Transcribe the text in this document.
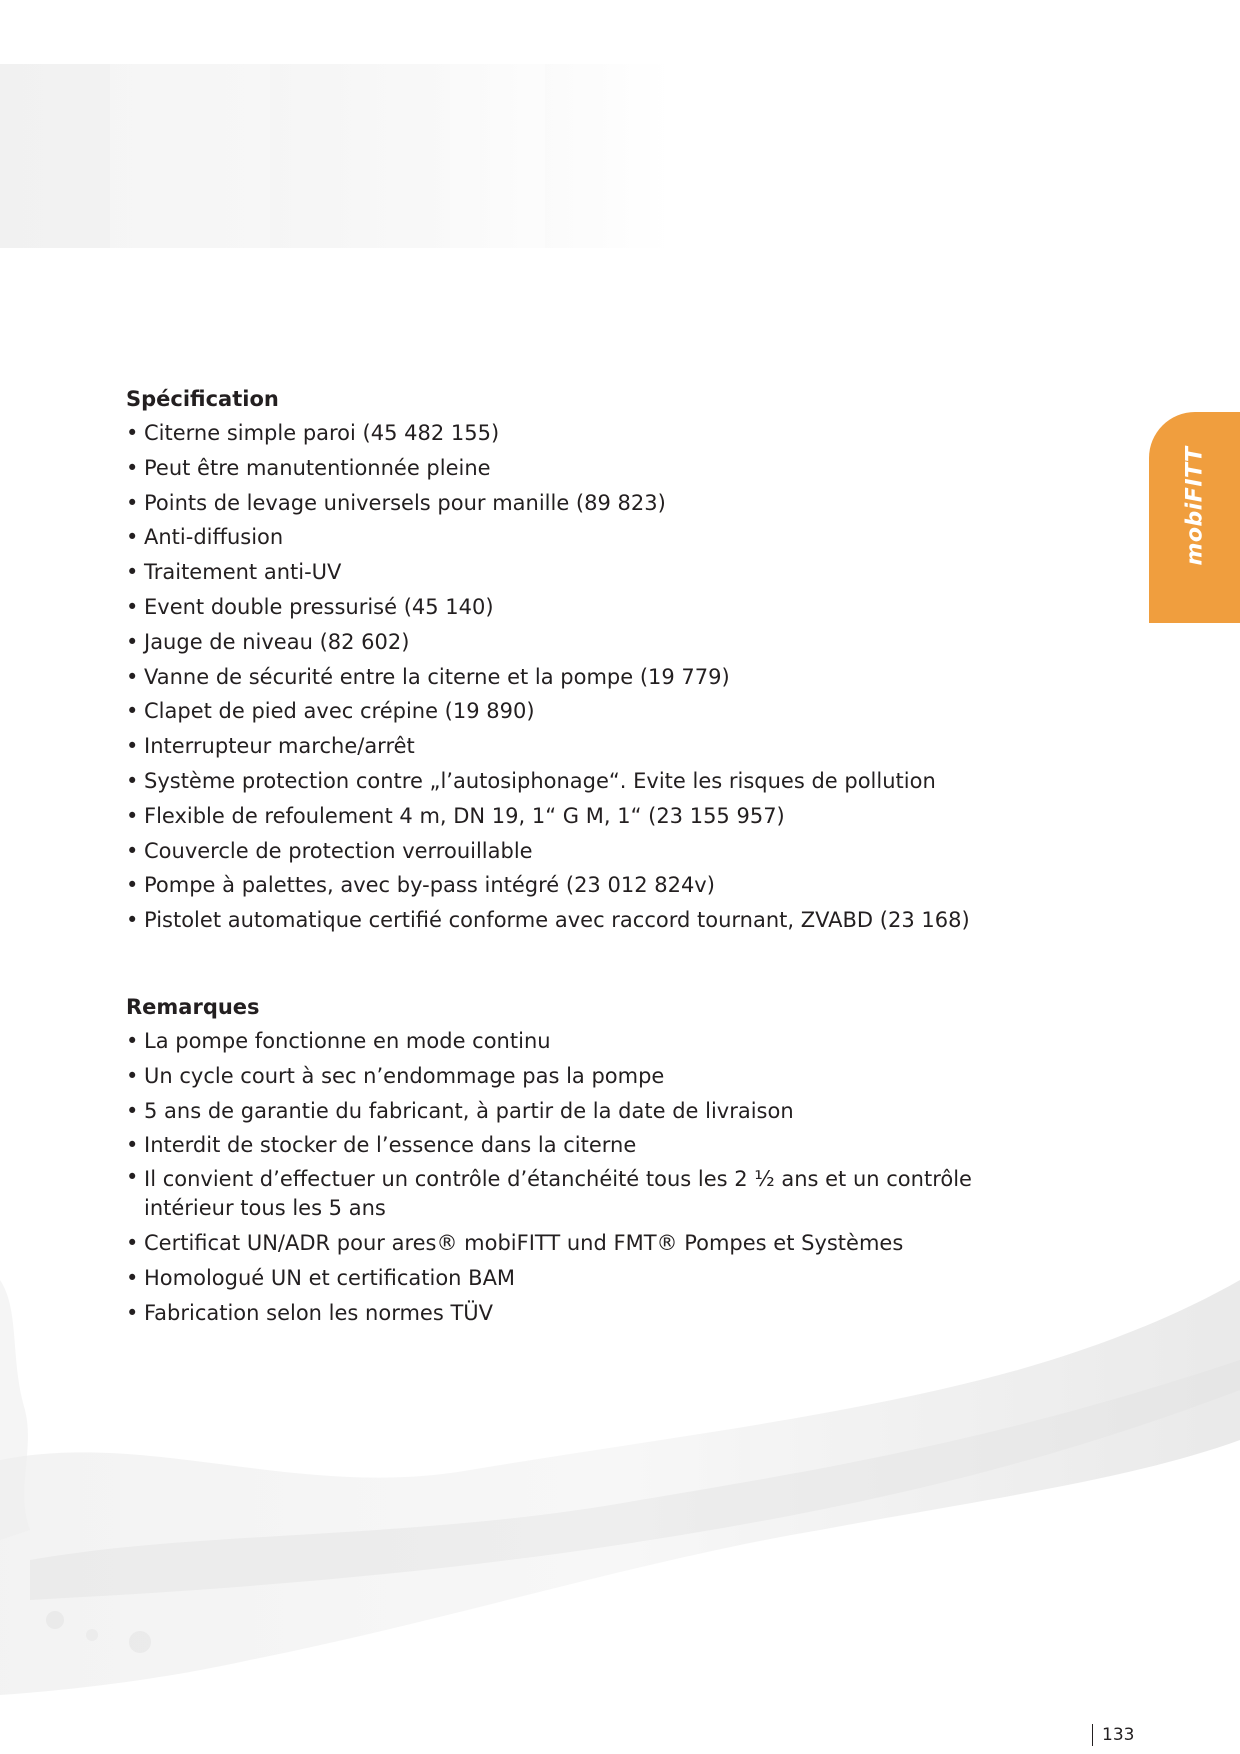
mobiFITT
Spécification
• Citerne simple paroi (45 482 155)
• Peut être manutentionnée pleine
• Points de levage universels pour manille (89 823)
• Anti-diffusion
• Traitement anti-UV
• Event double pressurisé (45 140)
• Jauge de niveau (82 602)
• Vanne de sécurité entre la citerne et la pompe (19 779)
• Clapet de pied avec crépine (19 890)
• Interrupteur marche/arrêt
• Système protection contre „l’autosiphonage“. Evite les risques de pollution
• Flexible de refoulement 4 m, DN 19, 1“ G M, 1“ (23 155 957)
• Couvercle de protection verrouillable
• Pompe à palettes, avec by-pass intégré (23 012 824v)
• Pistolet automatique certifié conforme avec raccord tournant, ZVABD (23 168)
Remarques
• La pompe fonctionne en mode continu
• Un cycle court à sec n’endommage pas la pompe
• 5 ans de garantie du fabricant, à partir de la date de livraison
• Interdit de stocker de l’essence dans la citerne
• Il convient d’effectuer un contrôle d’étanchéité tous les 2 ½ ans et un contrôle intérieur tous les 5 ans
• Certificat UN/ADR pour ares® mobiFITT und FMT® Pompes et Systèmes
• Homologué UN et certification BAM
• Fabrication selon les normes TÜV
133
